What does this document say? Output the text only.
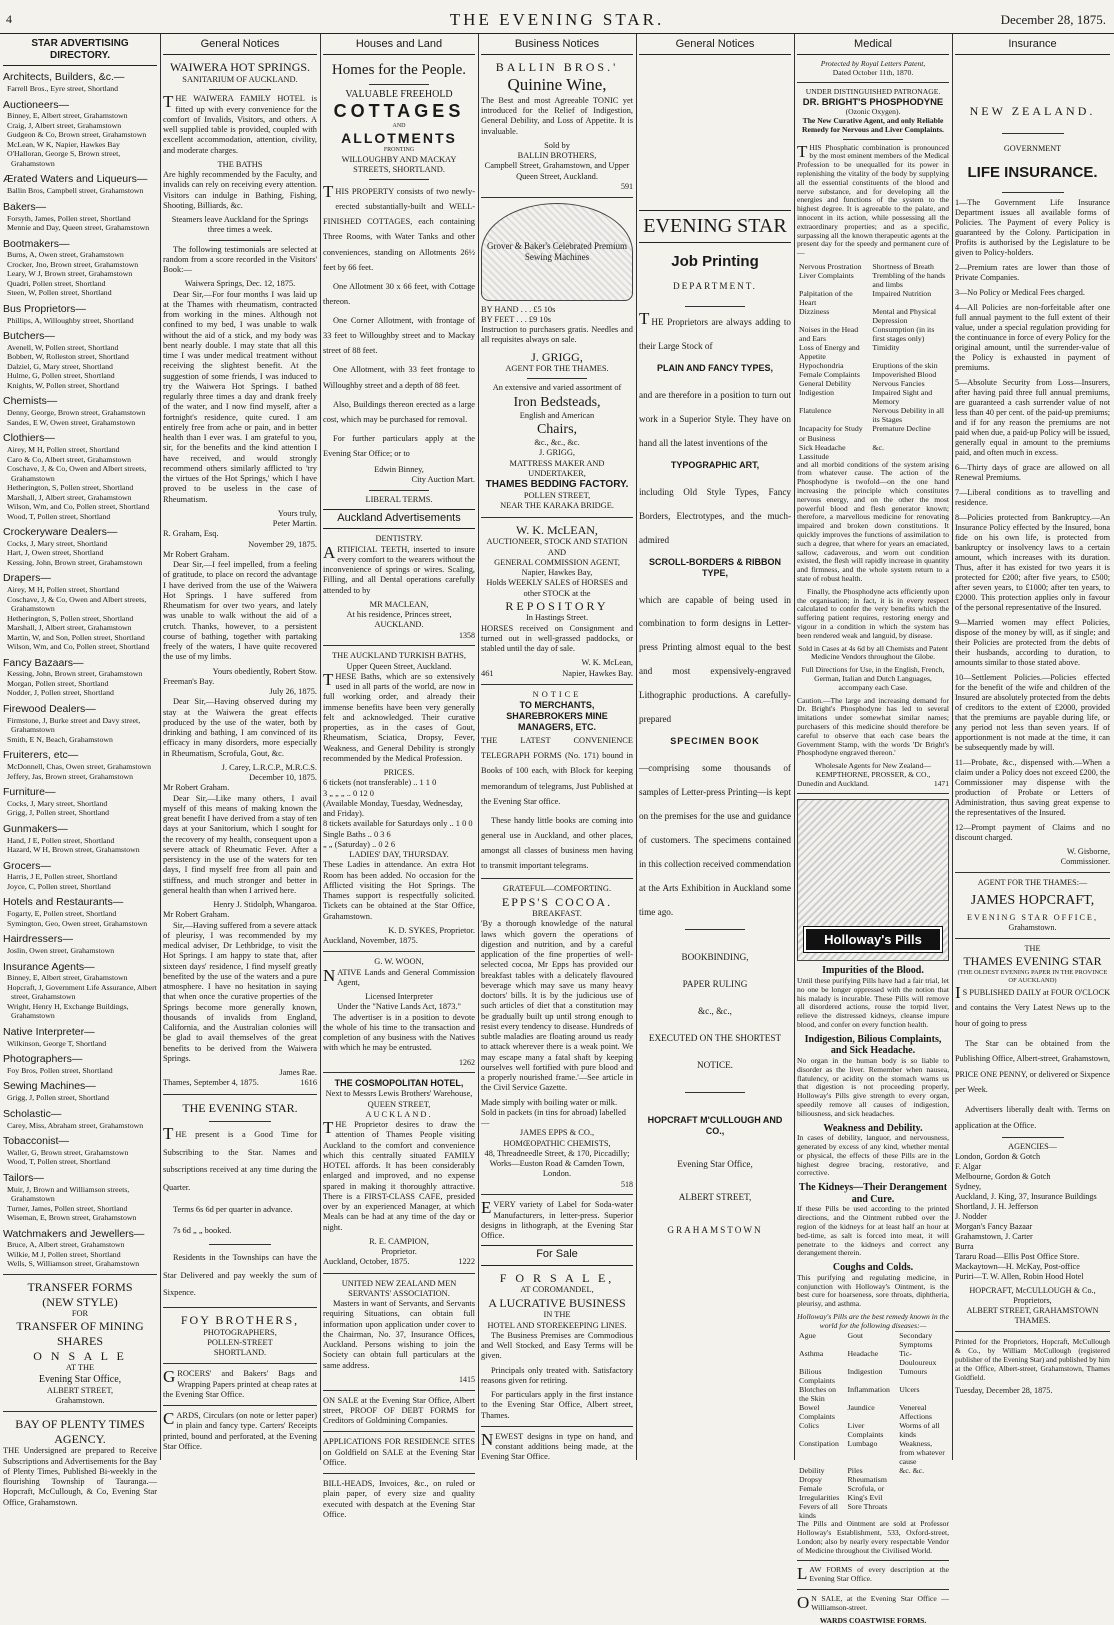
4	THE EVENING STAR.	December 28, 1875.
STAR ADVERTISING DIRECTORY.
Architects, Builders, &c.—
Farrell Bros., Eyre street, Shortland
Auctioneers—
Binney, E, Albert street, Grahamstown
Craig, J, Albert street, Grahamstown
Gudgeon & Co, Brown street, Grahamstown
McLean, W K, Napier, Hawkes Bay
O'Halloran, George S, Brown street, Grahamstown
Ærated Waters and Liqueurs—
Ballin Bros, Campbell street, Grahamstown
Bakers—
Forsyth, James, Pollen street, Shortland
Mennie and Day, Queen street, Grahamstown
Bootmakers—
Burns, A, Owen street, Grahamstown
Crocker, Jno, Brown street, Grahamstown
Leary, W J, Brown street, Grahamstown
Quadri, Pollen street, Shortland
Steen, W, Pollen street, Shortland
Bus Proprietors—
Phillips, A, Willoughby street, Shortland
Butchers—
Avenell, W, Pollen street, Shortland
Bobbett, W, Rolleston street, Shortland
Dalziel, G, Mary street, Shortland
Hulme, G, Pollen street, Shortland
Knights, W, Pollen street, Shortland
Chemists—
Denny, George, Brown street, Grahamstown
Sandes, E W, Owen street, Grahamstown
Clothiers—
Airey, M H, Pollen street, Shortland
Caro & Co, Albert street, Grahamstown
Coschave, J, & Co, Owen and Albert streets, Grahamstown
Hetherington, S, Pollen street, Shortland
Marshall, J, Albert street, Grahamstown
Wilson, Wm, and Co, Pollen street, Shortland
Wood, T, Pollen street, Shortland
Crockeryware Dealers—
Cocks, J, Mary street, Shortland
Hart, J, Owen street, Shortland
Kessing, John, Brown street, Grahamstown
Drapers—
Airey, M H, Pollen street, Shortland
Coschave, J, & Co, Owen and Albert streets, Grahamstown
Hetherington, S, Pollen street, Shortland
Marshall, J, Albert street, Grahamstown
Martin, W, and Son, Pollen street, Shortland
Wilson, Wm, and Co, Pollen street, Shortland
Fancy Bazaars—
Kessing, John, Brown street, Grahamstown
Morgan, Pollen street, Shortland
Nodder, J, Pollen street, Shortland
Firewood Dealers—
Firmstone, J, Burke street and Davy street, Grahamstown
Smith, E N, Beach, Grahamstown
Fruiterers, etc—
McDonnell, Chas, Owen street, Grahamstown
Jeffery, Jas, Brown street, Grahamstown
Furniture—
Cocks, J, Mary street, Shortland
Grigg, J, Pollen street, Shortland
Gunmakers—
Hand, J E, Pollen street, Shortland
Hazard, W H, Brown street, Grahamstown
Grocers—
Harris, J E, Pollen street, Shortland
Joyce, C, Pollen street, Shortland
Hotels and Restaurants—
Fogarty, E, Pollen street, Shortland
Symington, Geo, Owen street, Grahamstown
Hairdressers—
Joslin, Owen street, Grahamstown
Insurance Agents—
Binney, E, Albert street, Grahamstown
Hopcraft, J, Government Life Assurance, Albert street, Grahamstown
Wright, Henry H, Exchange Buildings, Grahamstown
Native Interpreter—
Wilkinson, George T, Shortland
Photographers—
Foy Bros, Pollen street, Shortland
Sewing Machines—
Grigg, J, Pollen street, Shortland
Scholastic—
Carey, Miss, Abraham street, Grahamstown
Tobacconist—
Waller, G, Brown street, Grahamstown
Wood, T, Pollen street, Shortland
Tailors—
Muir, J, Brown and Williamson streets, Grahamstown
Turner, James, Pollen street, Shortland
Wiseman, E, Brown street, Grahamstown
Watchmakers and Jewellers—
Bruce, A, Albert street, Grahamstown
Wilkie, M J, Pollen street, Shortland
Wells, S, Williamson street, Grahamstown
TRANSFER FORMS
(NEW STYLE)
FOR
TRANSFER OF MINING
SHARES
O N S A L E
AT THE
Evening Star Office,
ALBERT STREET,
Grahamstown.
BAY OF PLENTY TIMES AGENCY.

THE Undersigned are prepared to Receive Subscriptions and Advertisements for the Bay of Plenty Times, Published Bi-weekly in the flourishing Township of Tauranga.— Hopcraft, McCullough, & Co, Evening Star Office, Grahamstown.

General Notices
WAIWERA HOT SPRINGS.
SANITARIUM OF AUCKLAND.

THE WAIWERA FAMILY HOTEL is fitted up with every convenience for the comfort of Invalids, Visitors, and others. A well supplied table is provided, coupled with excellent accommodation, attention, civility, and moderate charges.

THE BATHS

Are highly recommended by the Faculty, and invalids can rely on receiving every attention. Visitors can indulge in Bathing, Fishing, Shooting, Billiards, &c.

Steamers leave Auckland for the Springs three times a week.

The following testimonials are selected at random from a score recorded in the Visitors' Book:—

Waiwera Springs, Dec. 12, 1875.

Dear Sir,—For four months I was laid up at the Thames with rheumatism, contracted from working in the mines. Although not confined to my bed, I was unable to walk without the aid of a stick, and my body was bent nearly double. I may state that all this time I was under medical treatment without receiving the slightest benefit. At the suggestion of some friends, I was induced to try the Waiwera Hot Springs. I bathed regularly three times a day and drank freely of the water, and I now find myself, after a fortnight's residence, quite cured. I am entirely free from ache or pain, and in better health than I ever was. I am grateful to you, sir, for the benefits and the kind attention I have received, and would strongly recommend others similarly afflicted to 'try the virtues of the Hot Springs,' which I have proved to be useless in the case of Rheumatism.

Yours truly,
Peter Martin.
R. Graham, Esq.
November 29, 1875.
Mr Robert Graham.

Dear Sir,—I feel impelled, from a feeling of gratitude, to place on record the advantage I have derived from the use of the Waiwera Hot Springs. I have suffered from Rheumatism for over two years, and lately was unable to walk without the aid of a crutch. Thanks, however, to a persistent course of bathing, together with partaking freely of the waters, I have quite recovered the use of my limbs.

Yours obediently, Robert Stow.
Freeman's Bay.
July 26, 1875.

Dear Sir,—Having observed during my stay at the Waiwera the great effects produced by the use of the water, both by drinking and bathing, I am convinced of its efficacy in many disorders, more especially in Rheumatism, Scrofula, Gout, &c.

J. Carey, L.R.C.P., M.R.C.S.
December 10, 1875.
Mr Robert Graham.

Dear Sir,—Like many others, I avail myself of this means of making known the great benefit I have derived from a stay of ten days at your Sanitorium, which I sought for the recovery of my health, consequent upon a severe attack of Rheumatic Fever. After a persistency in the use of the waters for ten days, I find myself free from all pain and stiffness, and much stronger and better in general health than when I arrived here.

Henry J. Stidolph, Whangaroa.
Mr Robert Graham.

Sir,—Having suffered from a severe attack of pleurisy, I was recommended by my medical adviser, Dr Lethbridge, to visit the Hot Springs. I am happy to state that, after sixteen days' residence, I find myself greatly benefited by the use of the waters and a pure atmosphere. I have no hesitation in saying that when once the curative properties of the Springs become more generally known, thousands of invalids from England, California, and the Australian colonies will be glad to avail themselves of the great benefits to be derived from the Waiwera Springs.

James Rae.
Thames, September 4, 1875.	1616
THE EVENING STAR.

THE present is a Good Time for Subscribing to the Star. Names and subscriptions received at any time during the Quarter.

Terms 6s 6d per quarter in advance.

7s 6d „ „ booked.

Residents in the Townships can have the Star Delivered and pay weekly the sum of Sixpence.

FOY BROTHERS,
PHOTOGRAPHERS,
POLLEN-STREET
SHORTLAND.

GROCERS' and Bakers' Bags and Wrapping Papers printed at cheap rates at the Evening Star Office.

CARDS, Circulars (on note or letter paper) in plain and fancy type. Carters' Receipts printed, bound and perforated, at the Evening Star Office.

Houses and Land
Homes for the People.
VALUABLE FREEHOLD
COTTAGES
AND
ALLOTMENTS
FRONTING
WILLOUGHBY AND MACKAY
STREETS, SHORTLAND.

THIS PROPERTY consists of two newly-erected substantially-built and WELL-FINISHED COTTAGES, each containing Three Rooms, with Water Tanks and other conveniences, standing on Allotments 26½ feet by 66 feet.

One Allotment 30 x 66 feet, with Cottage thereon.

One Corner Allotment, with frontage of 33 feet to Willoughby street and to Mackay street of 88 feet.

One Allotment, with 33 feet frontage to Willoughby street and a depth of 88 feet.

Also, Buildings thereon erected as a large cost, which may be purchased for removal.

For further particulars apply at the Evening Star Office; or to

Edwin Binney,
City Auction Mart.
LIBERAL TERMS.
Auckland Advertisements
DENTISTRY.

ARTIFICIAL TEETH, inserted to insure every comfort to the wearers without the inconvenience of springs or wires. Scaling, Filling, and all Dental operations carefully attended to by

MR MACLEAN,
At his residence, Princes street,
AUCKLAND.
1358
THE AUCKLAND TURKISH BATHS,
Upper Queen Street, Auckland.

THESE Baths, which are so extensively used in all parts of the world, are now in full working order, and already their immense benefits have been very generally felt and acknowledged. Their curative properties, as in the cases of Gout, Rheumatism, Sciatica, Dropsy, Fever, Weakness, and General Debility is strongly recommended by the Medical Profession.

PRICES.
6 tickets (not transferable) .. 1 1 0
3 „ „ „ .. 0 12 0
(Available Monday, Tuesday, Wednesday, and Friday).
8 tickets available for Saturdays only .. 1 0 0
Single Baths .. 0 3 6
„ „ (Saturday) .. 0 2 6
LADIES' DAY, THURSDAY.

These Ladies in attendance. An extra Hot Room has been added. No occasion for the Afflicted visiting the Hot Springs. The Thames support is respectfully solicited. Tickets can be obtained at the Star Office, Grahamstown.

K. D. SYKES, Proprietor.
Auckland, November, 1875.
G. W. WOON,

NATIVE Lands and General Commission Agent,

Licensed Interpreter
Under the "Native Lands Act, 1873."

The advertiser is in a position to devote the whole of his time to the transaction and completion of any business with the Natives with which he may be entrusted.

1262
THE COSMOPOLITAN HOTEL,
Next to Messrs Lewis Brothers' Warehouse, QUEEN STREET,
AUCKLAND.

THE Proprietor desires to draw the attention of Thames People visiting Auckland to the comfort and convenience which this centrally situated FAMILY HOTEL affords. It has been considerably enlarged and improved, and no expense spared in making it thoroughly attractive. There is a FIRST-CLASS CAFE, presided over by an experienced Manager, at which Meals can be had at any time of the day or night.

R. E. CAMPION,
Proprietor.
Auckland, October, 1875.	1222
UNITED NEW ZEALAND MEN SERVANTS' ASSOCIATION.

Masters in want of Servants, and Servants requiring Situations, can obtain full information upon application under cover to the Chairman, No. 37, Insurance Offices, Auckland. Persons wishing to join the Society can obtain full particulars at the same address.

1415

ON SALE at the Evening Star Office, Albert street, PROOF OF DEBT FORMS for Creditors of Goldmining Companies.

APPLICATIONS FOR RESIDENCE SITES on Goldfield on SALE at the Evening Star Office.

BILL-HEADS, Invoices, &c., on ruled or plain paper, of every size and quality executed with despatch at the Evening Star Office.

Business Notices
BALLIN BROS.'
Quinine Wine,

The Best and most Agreeable TONIC yet introduced for the Relief of Indigestion, General Debility, and Loss of Appetite. It is invaluable.

Sold by
BALLIN BROTHERS,
Campbell Street, Grahamstown, and Upper Queen Street, Auckland.
591
Grover & Baker's Celebrated Premium Sewing Machines
BY HAND . . . £5 10s
BY FEET . . . £9 10s

Instruction to purchasers gratis. Needles and all requisites always on sale.

J. GRIGG,
AGENT FOR THE THAMES.
An extensive and varied assortment of
Iron Bedsteads,
English and American
Chairs,
&c., &c., &c.
J. GRIGG,
MATTRESS MAKER AND UNDERTAKER,
THAMES BEDDING FACTORY.
POLLEN STREET,
NEAR THE KARAKA BRIDGE.
W. K. McLEAN,
AUCTIONEER, STOCK AND STATION AND
GENERAL COMMISSION AGENT,
Napier, Hawkes Bay,
Holds WEEKLY SALES of HORSES and other STOCK at the
REPOSITORY
In Hastings Street.

HORSES received on Consignment and turned out in well-grassed paddocks, or stabled until the day of sale.

W. K. McLean,
461	Napier, Hawkes Bay.
NOTICE
TO MERCHANTS, SHAREBROKERS MINE MANAGERS, ETC.

THE LATEST CONVENIENCE TELEGRAPH FORMS (No. 171) bound in Books of 100 each, with Block for keeping memorandum of telegrams, Just Published at the Evening Star office.

These handy little books are coming into general use in Auckland, and other places, amongst all classes of business men having to transmit important telegrams.

GRATEFUL—COMFORTING.
EPPS'S COCOA.
BREAKFAST.

'By a thorough knowledge of the natural laws which govern the operations of digestion and nutrition, and by a careful application of the fine properties of well-selected cocoa, Mr Epps has provided our breakfast tables with a delicately flavoured beverage which may save us many heavy doctors' bills. It is by the judicious use of such articles of diet that a constitution may be gradually built up until strong enough to resist every tendency to disease. Hundreds of subtle maladies are floating around us ready to attack wherever there is a weak point. We may escape many a fatal shaft by keeping ourselves well fortified with pure blood and a properly nourished frame.'—See article in the Civil Service Gazette.

Made simply with boiling water or milk.
Sold in packets (in tins for abroad) labelled—
JAMES EPPS & CO.,
HOMŒOPATHIC CHEMISTS,
48, Threadneedle Street, & 170, Piccadilly; Works—Euston Road & Camden Town, London.
518

EVERY variety of Label for Soda-water Manufacturers, in letter-press. Superior designs in lithograph, at the Evening Star Office.

For Sale
F O R S A L E,
AT COROMANDEL,
A LUCRATIVE BUSINESS
IN THE
HOTEL AND STOREKEEPING LINES.

The Business Premises are Commodious and Well Stocked, and Easy Terms will be given.

Principals only treated with. Satisfactory reasons given for retiring.

For particulars apply in the first instance to the Evening Star Office, Albert street, Thames.

NEWEST designs in type on hand, and constant additions being made, at the Evening Star Office.

General Notices
EVENING STAR
Job Printing
DEPARTMENT.

THE Proprietors are always adding to their Large Stock of

PLAIN AND FANCY TYPES,

and are therefore in a position to turn out work in a Superior Style. They have on hand all the latest inventions of the

TYPOGRAPHIC ART,

including Old Style Types, Fancy Borders, Electrotypes, and the much-admired

SCROLL-BORDERS & RIBBON TYPE,

which are capable of being used in combination to form designs in Letter-press Printing almost equal to the best and most expensively-engraved Lithographic productions. A carefully-prepared

SPECIMEN BOOK

—comprising some thousands of samples of Letter-press Printing—is kept on the premises for the use and guidance of customers. The specimens contained in this collection received commendation at the Arts Exhibition in Auckland some time ago.

BOOKBINDING,
PAPER RULING
&c., &c.,
EXECUTED ON THE SHORTEST
NOTICE.
HOPCRAFT M'CULLOUGH AND CO.,
Evening Star Office,
ALBERT STREET,
GRAHAMSTOWN
Medical
Protected by Royal Letters Patent,
Dated October 11th, 1870.
UNDER DISTINGUISHED PATRONAGE.
DR. BRIGHT'S PHOSPHODYNE
(Ozonic Oxygen).
The New Curative Agent, and only Reliable Remedy for Nervous and Liver Complaints.

THIS Phosphatic combination is pronounced by the most eminent members of the Medical Profession to be unequalled for its power in replenishing the vitality of the body by supplying all the essential constituents of the blood and nerve substance, and for developing all the energies and functions of the system to the highest degree. It is agreeable to the palate, and innocent in its action, while possessing all the extraordinary properties; and as a specific, surpassing all the known therapeutic agents at the present day for the speedy and permanent cure of—

Nervous Prostration	Shortness of Breath
Liver Complaints	Trembling of the hands and limbs
Palpitation of the Heart	Impaired Nutrition
Dizziness	Mental and Physical Depression
Noises in the Head and Ears	Consumption (in its first stages only)
Loss of Energy and Appetite	Timidity
Hypochondria	Eruptions of the skin
Female Complaints	Impoverished Blood
General Debility	Nervous Fancies
Indigestion	Impaired Sight and Memory
Flatulence	Nervous Debility in all its Stages
Incapacity for Study or Business	Premature Decline
Sick Headache	&c.
Lassitude	

and all morbid conditions of the system arising from whatever cause. The action of the Phosphodyne is twofold—on the one hand increasing the principle which constitutes nervous energy, and on the other the most powerful blood and flesh generator known; therefore, a marvellous medicine for renovating impaired and broken down constitutions. It quickly improves the functions of assimilation to such a degree, that where for years an emaciated, sallow, cadaverous, and worn out condition existed, the flesh will rapidly increase in quantity and firmness, and the whole system return to a state of robust health.

Finally, the Phosphodyne acts efficiently upon the organisation; in fact, it is in every respect calculated to confer the very benefits which the suffering patient requires, restoring energy and vigour in a condition in which the system has been rendered weak and languid, by disease.

Sold in Cases at 4s 6d by all Chemists and Patent Medicine Vendors throughout the Globe.

Full Directions for Use, in the English, French, German, Italian and Dutch Languages, accompany each Case.

Caution.—The large and increasing demand for Dr. Bright's Phosphodyne has led to several imitations under somewhat similar names; purchasers of this medicine should therefore be careful to observe that each case bears the Government Stamp, with the words 'Dr Bright's Phosphodyne engraved thereon.'

Wholesale Agents for New Zealand—
KEMPTHORNE, PROSSER, & CO.,
Dunedin and Auckland.	1471
Holloway's Pills
Impurities of the Blood.

Until these purifying Pills have had a fair trial, let no one be longer oppressed with the notion that his malady is incurable. These Pills will remove all disordered actions, rouse the torpid liver, relieve the distressed kidneys, cleanse impure blood, and confer on every function health.

Indigestion, Bilious Complaints, and Sick Headache.

No organ in the human body is so liable to disorder as the liver. Remember when nausea, flatulency, or acidity on the stomach warns us that digestion is not proceeding properly, Holloway's Pills give strength to every organ, speedily remove all causes of indigestion, biliousness, and sick headaches.

Weakness and Debility.

In cases of debility, languor, and nervousness, generated by excess of any kind, whether mental or physical, the effects of these Pills are in the highest degree bracing, restorative, and corrective.

The Kidneys—Their Derangement and Cure.

If these Pills be used according to the printed directions, and the Ointment rubbed over the region of the kidneys for at least half an hour at bed-time, as salt is forced into meat, it will penetrate to the kidneys and correct any derangement therein.

Coughs and Colds.

This purifying and regulating medicine, in conjunction with Holloway's Ointment, is the best cure for hoarseness, sore throats, diphtheria, pleurisy, and asthma.

Holloway's Pills are the best remedy known in the world for the following diseases:—
Ague	Gout	Secondary Symptoms
Asthma	Headache	Tic-Douloureux
Bilious Complaints	Indigestion	Tumours
Blotches on the Skin	Inflammation	Ulcers
Bowel Complaints	Jaundice	Venereal Affections
Colics	Liver Complaints	Worms of all kinds
Constipation	Lumbago	Weakness, from whatever cause
Debility	Piles	&c. &c.
Dropsy	Rheumatism	
Female Irregularities	Scrofula, or King's Evil	
Fevers of all kinds	Sore Throats	

The Pills and Ointment are sold at Professor Holloway's Establishment, 533, Oxford-street, London; also by nearly every respectable Vendor of Medicine throughout the Civilised World.

LAW FORMS of every description at the Evening Star Office.

ON SALE, at the Evening Star Office —Williamson-street.

WARDS COASTWISE FORMS.
Insurance
NEW ZEALAND.
GOVERNMENT
LIFE INSURANCE.

1—The Government Life Insurance Department issues all available forms of Policies. The Payment of every Policy is guaranteed by the Colony. Participation in Profits is authorised by the Legislature to be given to Policy-holders.

2—Premium rates are lower than those of Private Companies.

3—No Policy or Medical Fees charged.

4—All Policies are non-forfeitable after one full annual payment to the full extent of their value, under a special regulation providing for the continuance in force of every Policy for the original amount, until the surrender-value of the Policy is exhausted in payment of premiums.

5—Absolute Security from Loss—Insurers, after having paid three full annual premiums, are guaranteed a cash surrender value of not less than 40 per cent. of the paid-up premiums; and if for any reason the premiums are not paid when due, a paid-up Policy will be issued, generally equal in amount to the premiums paid, and often much in excess.

6—Thirty days of grace are allowed on all Renewal Premiums.

7—Liberal conditions as to travelling and residence.

8—Policies protected from Bankruptcy.—An Insurance Policy effected by the Insured, bona fide on his own life, is protected from bankruptcy or insolvency laws to a certain amount, which increases with its duration. Thus, after it has existed for two years it is protected for £200; after five years, to £500; after seven years, to £1000; after ten years, to £2000. This protection applies only in favour of the personal representative of the Insured.

9—Married women may effect Policies, dispose of the money by will, as if single; and their Policies are protected from the debts of their husbands, according to duration, to amounts similar to those stated above.

10—Settlement Policies.—Policies effected for the benefit of the wife and children of the Insured are absolutely protected from the debts of creditors to the extent of £2000, provided that the premiums are payable during life, or any period not less than seven years. If of apportionment is not made at the time, it can be subsequently made by will.

11—Probate, &c., dispensed with.—When a claim under a Policy does not exceed £200, the Commissioner may dispense with the production of Probate or Letters of Administration, thus saving great expense to the representatives of the Insured.

12—Prompt payment of Claims and no discount charged.

W. Gisborne,
Commissioner.
AGENT FOR THE THAMES:—
JAMES HOPCRAFT,
EVENING STAR OFFICE,
Grahamstown.
THE
THAMES EVENING STAR
(THE OLDEST EVENING PAPER IN THE PROVINCE OF AUCKLAND)

IS PUBLISHED DAILY at FOUR O'CLOCK and contains the Very Latest News up to the hour of going to press

The Star can be obtained from the Publishing Office, Albert-street, Grahamstown, PRICE ONE PENNY, or delivered or Sixpence per Week.

Advertisers liberally dealt with. Terms on application at the Office.

AGENCIES—
London, Gordon & Gotch
F. Algar
Melbourne, Gordon & Gotch
Sydney,
Auckland, J. King, 37, Insurance Buildings
Shortland, J. H. Jefferson
J. Nodder
Morgan's Fancy Bazaar
Grahamstown, J. Carter
Burra
Tararu Road—Ellis Post Office Store.
Mackaytown—H. McKay, Post-office
Puriri—T. W. Allen, Robin Hood Hotel
HOPCRAFT, McCULLOUGH & Co.,
Proprietors,
ALBERT STREET, GRAHAMSTOWN THAMES.

Printed for the Proprietors, Hopcraft, McCullough & Co., by William McCullough (registered publisher of the Evening Star) and published by him at the Office, Albert-street, Grahamstown, Thames Goldfield.

Tuesday, December 28, 1875.
